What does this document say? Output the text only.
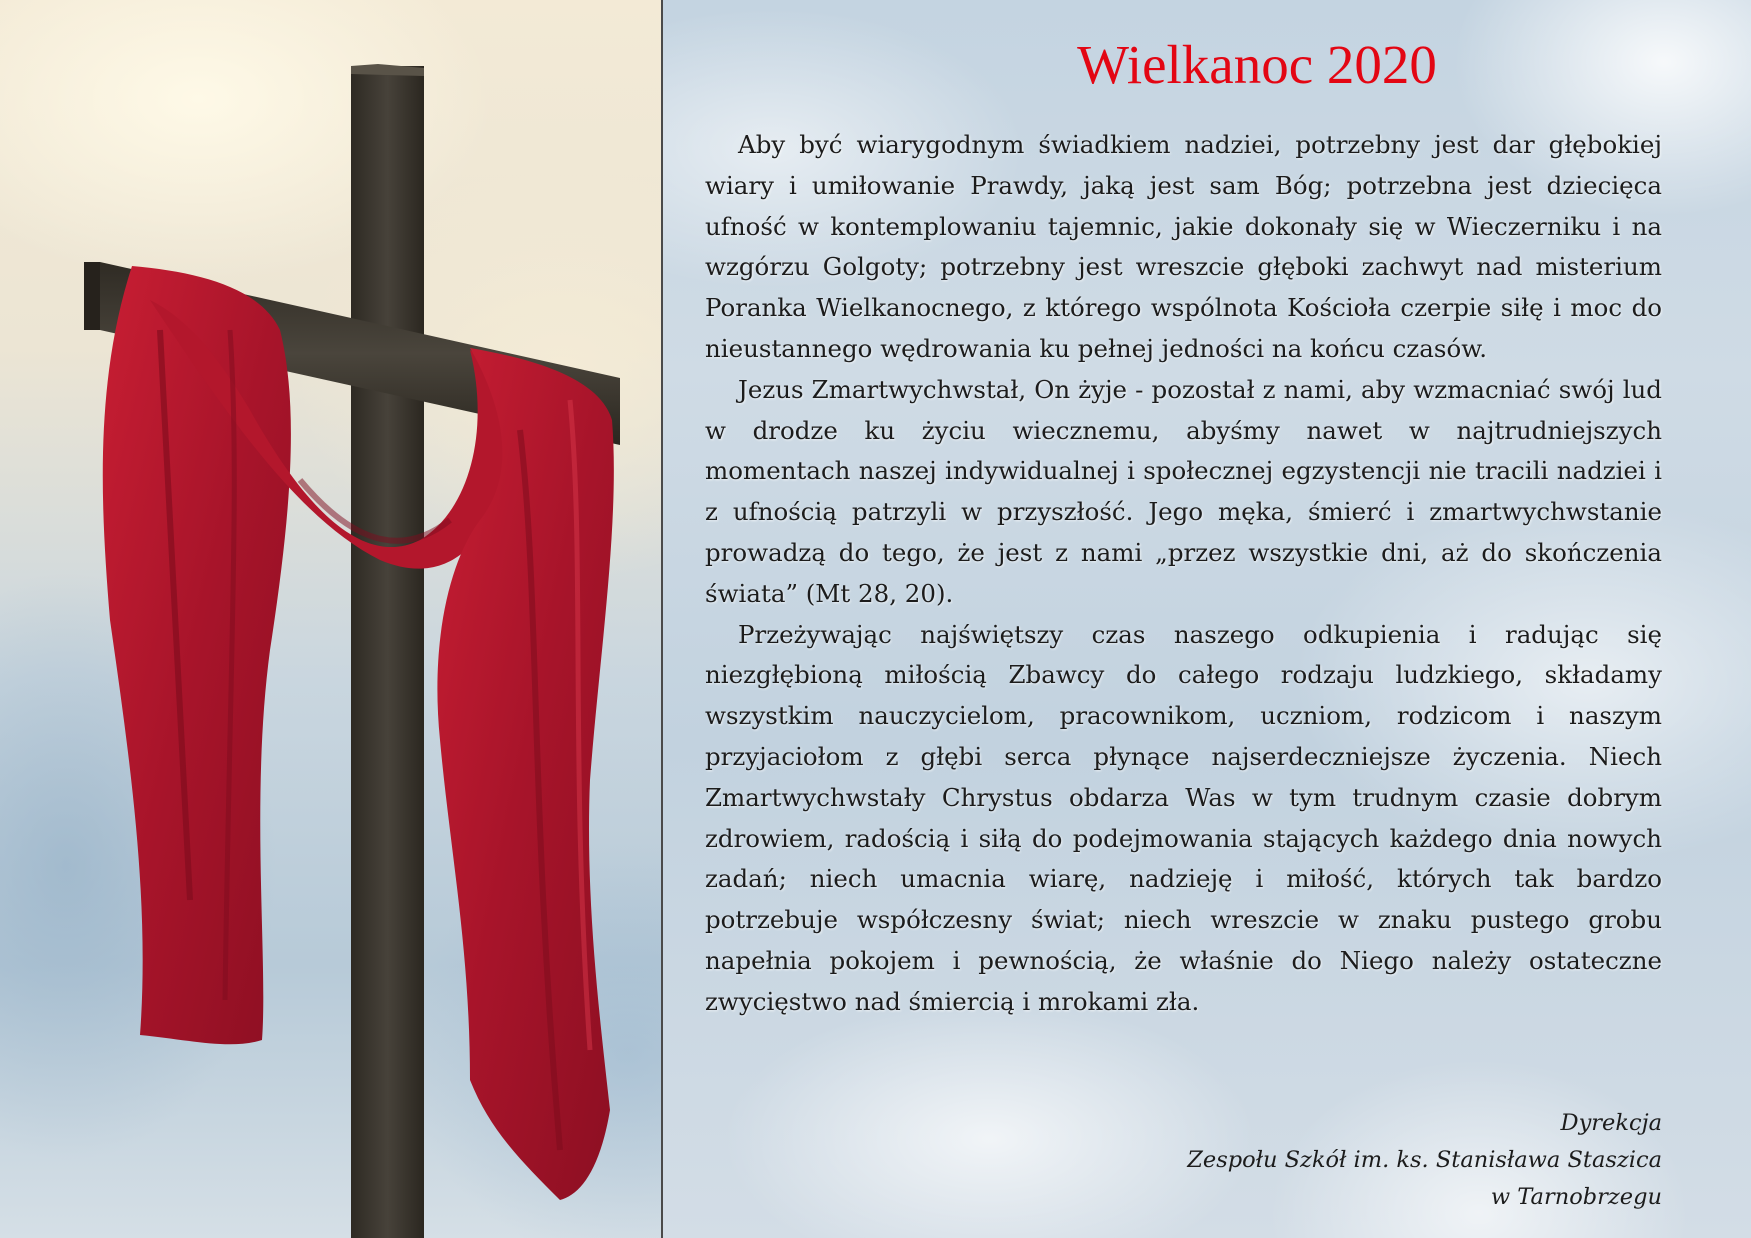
Wielkanoc 2020

Aby być wiarygodnym świadkiem nadziei, potrzebny jest dar głębokiej wiary i umiłowanie Prawdy, jaką jest sam Bóg; potrzebna jest dziecięca ufność w kontemplowaniu tajemnic, jakie dokonały się w Wieczerniku i na wzgórzu Golgoty; potrzebny jest wreszcie głęboki zachwyt nad misterium Poranka Wielkanocnego, z którego wspólnota Kościoła czerpie siłę i moc do nieustannego wędrowania ku pełnej jedności na końcu czasów.

Jezus Zmartwychwstał, On żyje - pozostał z nami, aby wzmacniać swój lud w drodze ku życiu wiecznemu, abyśmy nawet w najtrudniejszych momentach naszej indywidualnej i społecznej egzystencji nie tracili nadziei i z ufnością patrzyli w przyszłość. Jego męka, śmierć i zmartwychwstanie prowadzą do tego, że jest z nami „przez wszystkie dni, aż do skończenia świata” (Mt 28, 20).

Przeżywając najświętszy czas naszego odkupienia i radując się niezgłębioną miłością Zbawcy do całego rodzaju ludzkiego, składamy wszystkim nauczycielom, pracownikom, uczniom, rodzicom i naszym przyjaciołom z głębi serca płynące najserdeczniejsze życzenia. Niech Zmartwychwstały Chrystus obdarza Was w tym trudnym czasie dobrym zdrowiem, radością i siłą do podejmowania stających każdego dnia nowych zadań; niech umacnia wiarę, nadzieję i miłość, których tak bardzo potrzebuje współczesny świat; niech wreszcie w znaku pustego grobu napełnia pokojem i pewnością, że właśnie do Niego należy ostateczne zwycięstwo nad śmiercią i mrokami zła.

Dyrekcja
Zespołu Szkół im. ks. Stanisława Staszica
w Tarnobrzegu
